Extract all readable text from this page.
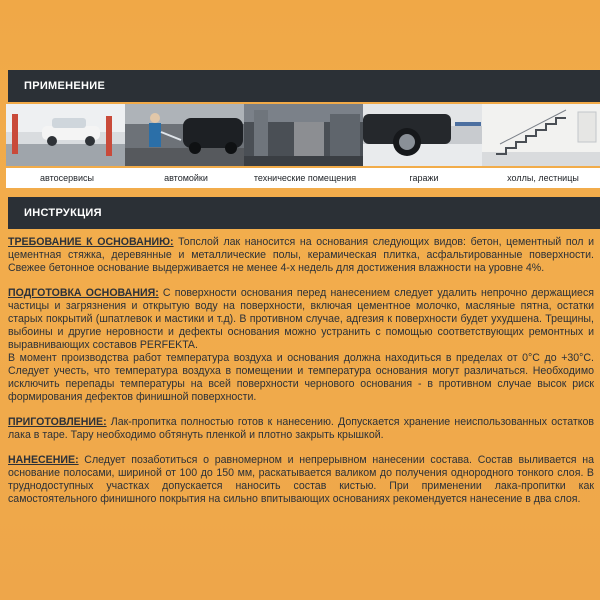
ПРИМЕНЕНИЕ
автосервисы	автомойки	технические помещения	гаражи	холлы, лестницы
ИНСТРУКЦИЯ

ТРЕБОВАНИЕ К ОСНОВАНИЮ: Топслой лак наносится на основания следующих видов: бетон, цементный пол и цементная стяжка, деревянные и металлические полы, керамическая плитка, асфальтированные поверхности. Свежее бетонное основание выдерживается не менее 4-х недель для достижения влажности на уровне 4%.

ПОДГОТОВКА ОСНОВАНИЯ: С поверхности основания перед нанесением следует удалить непрочно держащиеся частицы и загрязнения и открытую воду на поверхности, включая цементное молочко, масляные пятна, остатки старых покрытий (шпатлевок и мастики и т.д). В противном случае, адгезия к поверхности будет ухудшена. Трещины, выбоины и другие неровности и дефекты основания можно устранить с помощью соответствующих ремонтных и выравнивающих составов PERFEKTA.

В момент производства работ температура воздуха и основания должна находиться в пределах от 0°С до +30°С. Следует учесть, что температура воздуха в помещении и температура основания могут различаться. Необходимо исключить перепады температуры на всей поверхности чернового основания - в противном случае высок риск формирования дефектов финишной поверхности.

ПРИГОТОВЛЕНИЕ: Лак-пропитка полностью готов к нанесению. Допускается хранение неиспользованных остатков лака в таре. Тару необходимо обтянуть пленкой и плотно закрыть крышкой.

НАНЕСЕНИЕ: Следует позаботиться о равномерном и непрерывном нанесении состава. Состав выливается на основание полосами, шириной от 100 до 150 мм, раскатывается валиком до получения однородного тонкого слоя. В труднодоступных участках допускается наносить состав кистью. При применении лака-пропитки как самостоятельного финишного покрытия на сильно впитывающих основаниях рекомендуется нанесение в два слоя.
